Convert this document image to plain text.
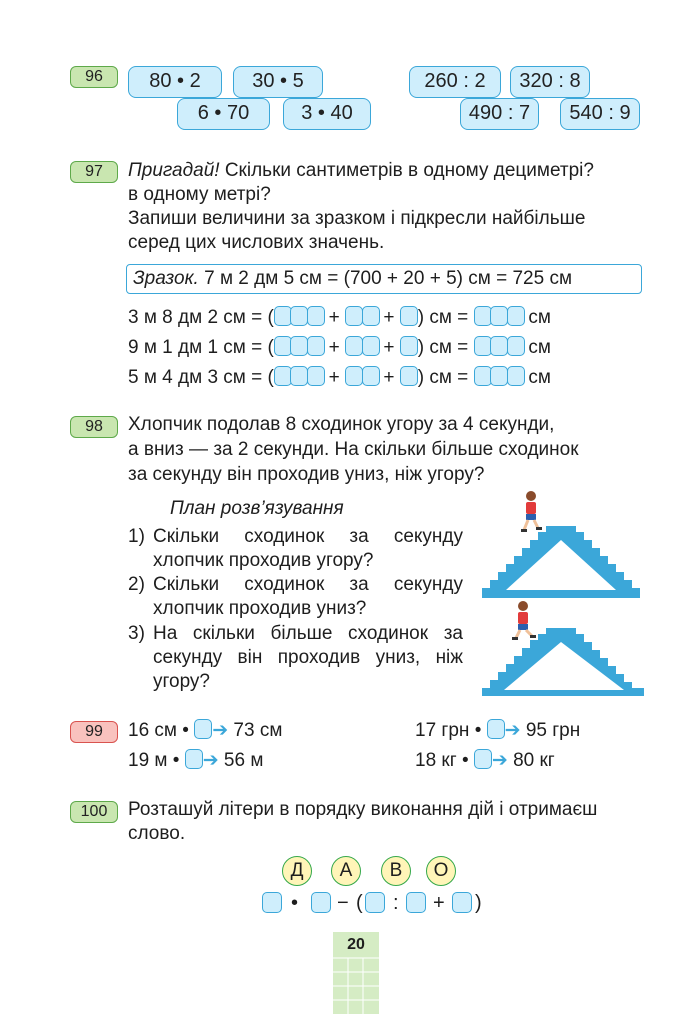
96	80 • 2	30 • 5
6 • 70	3 • 40
260 : 2	320 : 8
490 : 7	540 : 9
97	Пригадай! Скільки сантиметрів в одному дециметрі?
в одному метрі?
Запиши величини за зразком і підкресли найбільше
серед цих числових значень.
Зразок. 7 м 2 дм 5 см = (700 + 20 + 5) см = 725 см
3 м 8 дм 2 см = (	+ + ) см =	см
9 м 1 дм 1 см = (	+ + ) см =	см
5 м 4 дм 3 см = (	+ + ) см =	см
98	Хлопчик подолав 8 сходинок угору за 4 секунди,
а вниз — за 2 секунди. На скільки більше сходинок
за секунду він проходив униз, ніж угору?
План розв’язування
1) Скільки сходинок за секунду
хлопчик проходив угору?
2) Скільки сходинок за секунду
хлопчик проходив униз?
3) На скільки більше сходинок за
секунду він проходив униз, ніж
угору?
99	16 см • ➔ 73 см	17 грн • ➔ 95 грн
19 м • ➔ 56 м	18 кг • ➔ 80 кг
100	Розташуй літери в порядку виконання дій і отримаєш
слово.
Д	А	В	О
• − ( : + )
20
